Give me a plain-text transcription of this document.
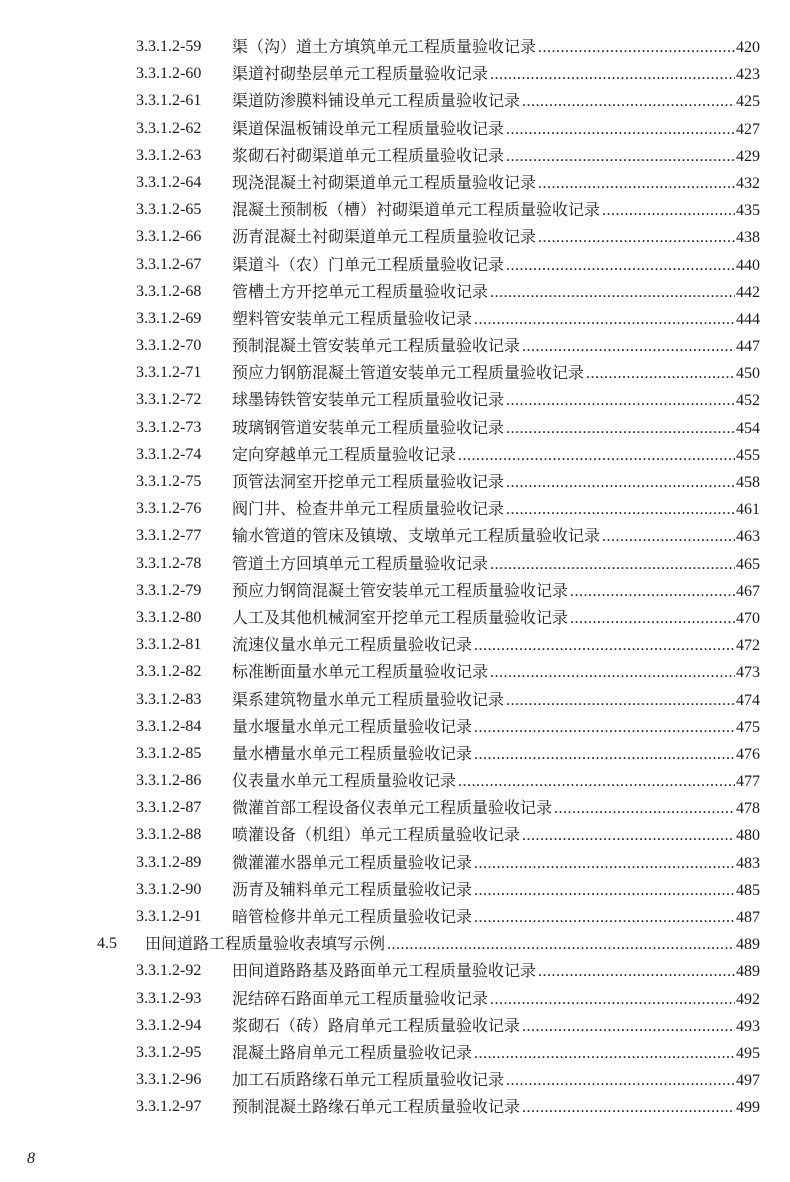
3.3.1.2-59 渠（沟）道土方填筑单元工程质量验收记录 .....	420
3.3.1.2-60 渠道衬砌垫层单元工程质量验收记录 .....	423
3.3.1.2-61 渠道防渗膜料铺设单元工程质量验收记录 .....	425
3.3.1.2-62 渠道保温板铺设单元工程质量验收记录 .....	427
3.3.1.2-63 浆砌石衬砌渠道单元工程质量验收记录 .....	429
3.3.1.2-64 现浇混凝土衬砌渠道单元工程质量验收记录 .....	432
3.3.1.2-65 混凝土预制板（槽）衬砌渠道单元工程质量验收记录 .....	435
3.3.1.2-66 沥青混凝土衬砌渠道单元工程质量验收记录 .....	438
3.3.1.2-67 渠道斗（农）门单元工程质量验收记录 .....	440
3.3.1.2-68 管槽土方开挖单元工程质量验收记录 .....	442
3.3.1.2-69 塑料管安装单元工程质量验收记录 .....	444
3.3.1.2-70 预制混凝土管安装单元工程质量验收记录 .....	447
3.3.1.2-71 预应力钢筋混凝土管道安装单元工程质量验收记录 .....	450
3.3.1.2-72 球墨铸铁管安装单元工程质量验收记录 .....	452
3.3.1.2-73 玻璃钢管道安装单元工程质量验收记录 .....	454
3.3.1.2-74 定向穿越单元工程质量验收记录 .....	455
3.3.1.2-75 顶管法洞室开挖单元工程质量验收记录 .....	458
3.3.1.2-76 阀门井、检查井单元工程质量验收记录 .....	461
3.3.1.2-77 输水管道的管床及镇墩、支墩单元工程质量验收记录 .....	463
3.3.1.2-78 管道土方回填单元工程质量验收记录 .....	465
3.3.1.2-79 预应力钢筒混凝土管安装单元工程质量验收记录 .....	467
3.3.1.2-80 人工及其他机械洞室开挖单元工程质量验收记录 .....	470
3.3.1.2-81 流速仪量水单元工程质量验收记录 .....	472
3.3.1.2-82 标准断面量水单元工程质量验收记录 .....	473
3.3.1.2-83 渠系建筑物量水单元工程质量验收记录 .....	474
3.3.1.2-84 量水堰量水单元工程质量验收记录 .....	475
3.3.1.2-85 量水槽量水单元工程质量验收记录 .....	476
3.3.1.2-86 仪表量水单元工程质量验收记录 .....	477
3.3.1.2-87 微灌首部工程设备仪表单元工程质量验收记录 .....	478
3.3.1.2-88 喷灌设备（机组）单元工程质量验收记录 .....	480
3.3.1.2-89 微灌灌水器单元工程质量验收记录 .....	483
3.3.1.2-90 沥青及辅料单元工程质量验收记录 .....	485
3.3.1.2-91 暗管检修井单元工程质量验收记录 .....	487
4.5 田间道路工程质量验收表填写示例 .....	489
3.3.1.2-92 田间道路路基及路面单元工程质量验收记录 .....	489
3.3.1.2-93 泥结碎石路面单元工程质量验收记录 .....	492
3.3.1.2-94 浆砌石（砖）路肩单元工程质量验收记录 .....	493
3.3.1.2-95 混凝土路肩单元工程质量验收记录 .....	495
3.3.1.2-96 加工石质路缘石单元工程质量验收记录 .....	497
3.3.1.2-97 预制混凝土路缘石单元工程质量验收记录 .....	499
8
